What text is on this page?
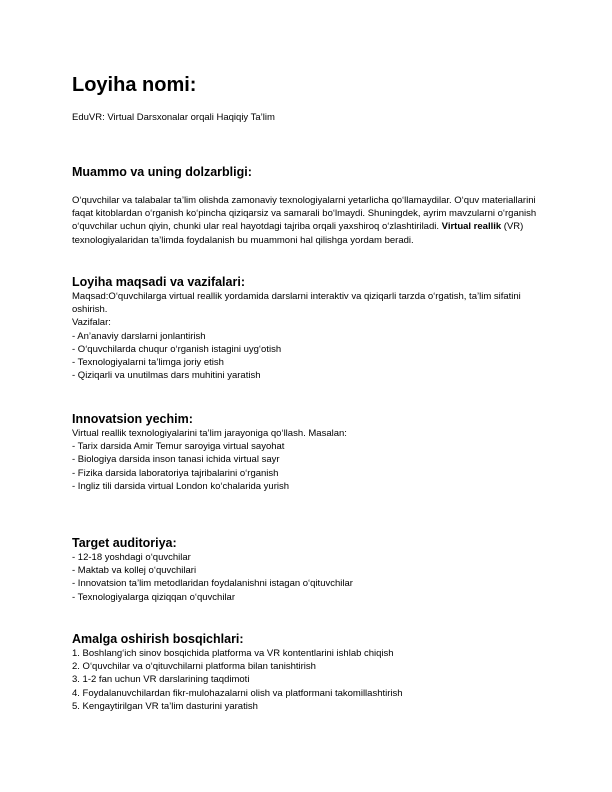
Loyiha nomi:

EduVR: Virtual Darsxonalar orqali Haqiqiy Ta’lim

Muammo va uning dolzarbligi:

O‘quvchilar va talabalar ta’lim olishda zamonaviy texnologiyalarni yetarlicha qo‘llamaydilar. O‘quv materiallarini faqat kitoblardan o‘rganish ko‘pincha qiziqarsiz va samarali bo‘lmaydi. Shuningdek, ayrim mavzularni o‘rganish o‘quvchilar uchun qiyin, chunki ular real hayotdagi tajriba orqali yaxshiroq o‘zlashtiriladi. Virtual reallik (VR) texnologiyalaridan ta’limda foydalanish bu muammoni hal qilishga yordam beradi.

Loyiha maqsadi va vazifalari:

Maqsad:O‘quvchilarga virtual reallik yordamida darslarni interaktiv va qiziqarli tarzda o‘rgatish, ta’lim sifatini oshirish.

Vazifalar:

- An’anaviy darslarni jonlantirish

- O‘quvchilarda chuqur o‘rganish istagini uyg‘otish

- Texnologiyalarni ta’limga joriy etish

- Qiziqarli va unutilmas dars muhitini yaratish

Innovatsion yechim:

Virtual reallik texnologiyalarini ta’lim jarayoniga qo‘llash. Masalan:

- Tarix darsida Amir Temur saroyiga virtual sayohat

- Biologiya darsida inson tanasi ichida virtual sayr

- Fizika darsida laboratoriya tajribalarini o‘rganish

- Ingliz tili darsida virtual London ko‘chalarida yurish

Target auditoriya:

- 12-18 yoshdagi o‘quvchilar

- Maktab va kollej o‘quvchilari

- Innovatsion ta’lim metodlaridan foydalanishni istagan o‘qituvchilar

- Texnologiyalarga qiziqqan o‘quvchilar

Amalga oshirish bosqichlari:

1. Boshlang‘ich sinov bosqichida platforma va VR kontentlarini ishlab chiqish

2. O‘quvchilar va o‘qituvchilarni platforma bilan tanishtirish

3. 1-2 fan uchun VR darslarining taqdimoti

4. Foydalanuvchilardan fikr-mulohazalarni olish va platformani takomillashtirish

5. Kengaytirilgan VR ta’lim dasturini yaratish
